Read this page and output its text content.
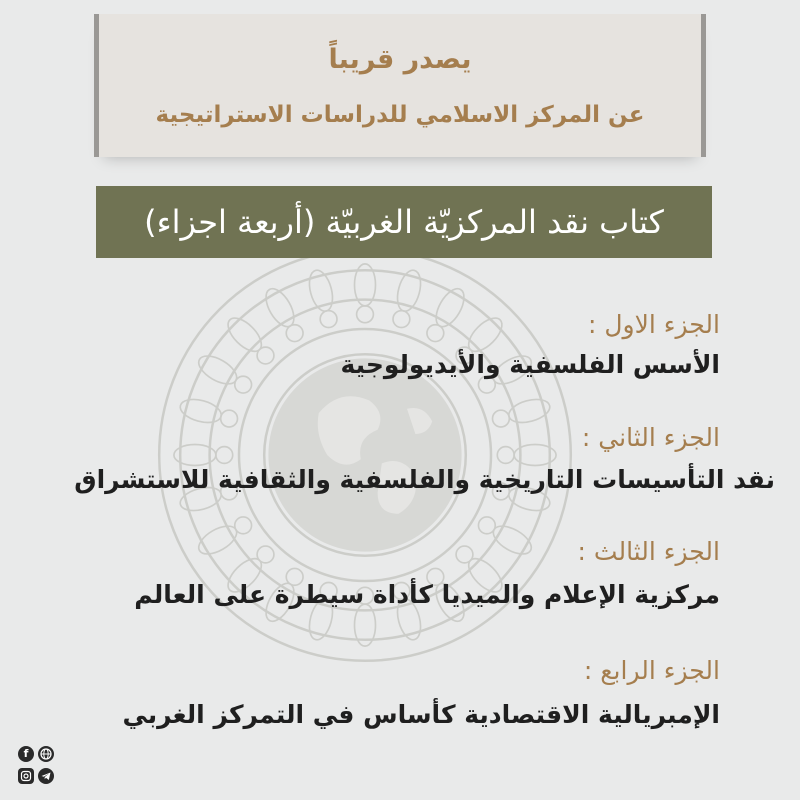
يصدر قريباً
عن المركز الاسلامي للدراسات الاستراتيجية
كتاب نقد المركزيّة الغربيّة (أربعة اجزاء)
الجزء الاول :
الأسس الفلسفية والأيديولوجية
الجزء الثاني :
نقد التأسيسات التاريخية والفلسفية والثقافية للاستشراق
الجزء الثالث :
مركزية الإعلام والميديا كأداة سيطرة على العالم
الجزء الرابع :
الإمبريالية الاقتصادية كأساس في التمركز الغربي
f
